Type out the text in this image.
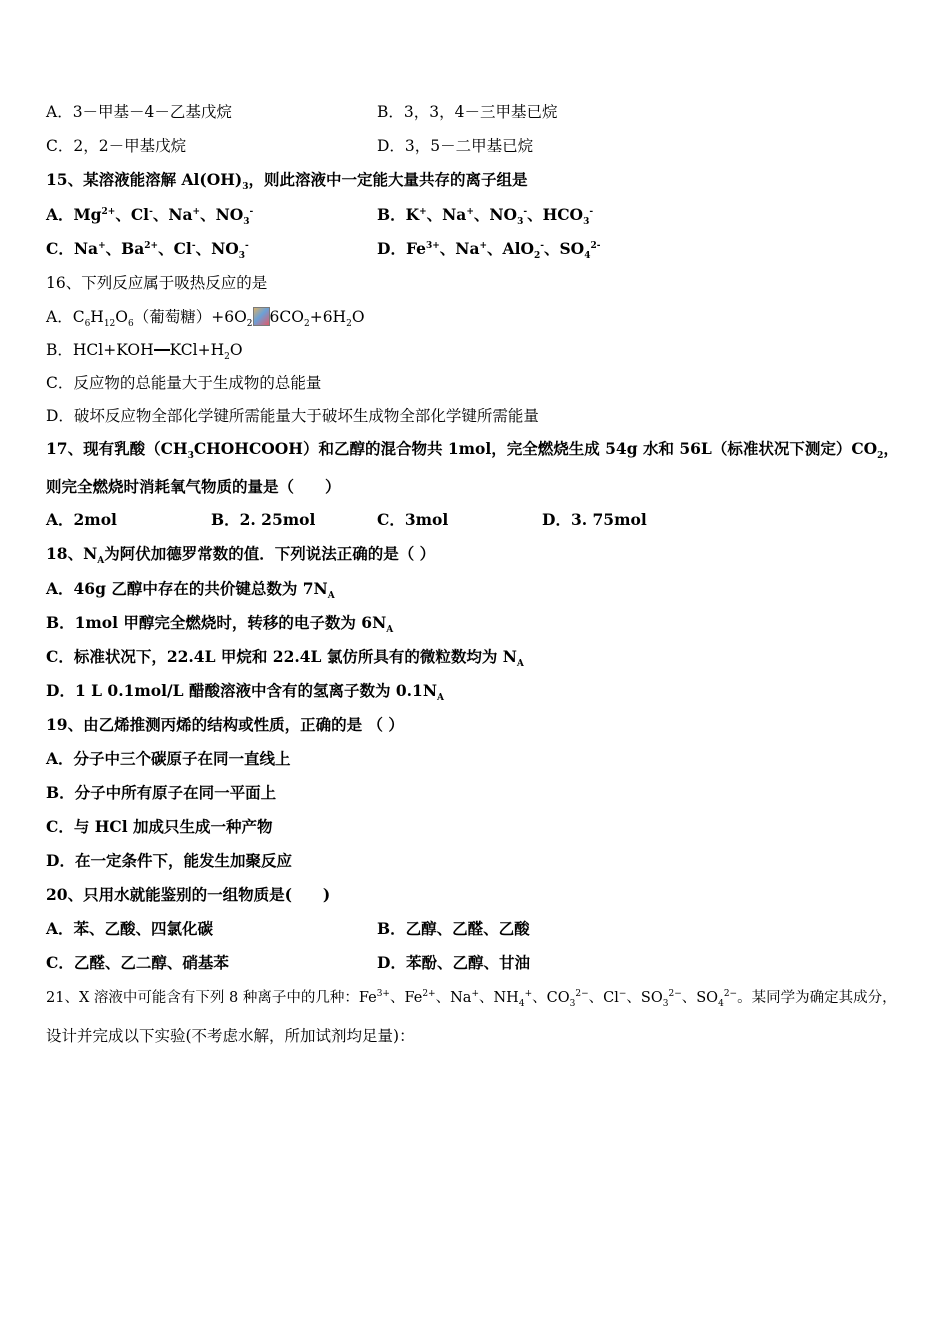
A．3－甲基－4－乙基戊烷	B．3，3，4－三甲基已烷
C．2，2－甲基戊烷	D．3，5－二甲基已烷
15、某溶液能溶解 $Al(OH)_3$，则此溶液中一定能大量共存的离子组是
A．$Mg^{2+}$、Cl-、Na+、$NO_3^-$	B．K+、Na+、$NO_3^-$、$HCO_3^-$
C．Na+、$Ba^{2+}$、Cl-、$NO_3^-$	D．$Fe^{3+}$、Na+、AlO$_2$-、$SO_4^{2-}$
16、下列反应属于吸热反应的是
A．$C_6H_{12}O_6$（葡萄糖）$+6O_2$ $6CO_2+6H_2O$
B．HCl+KOH $KCl+H_2O$
C．反应物的总能量大于生成物的总能量
D．破坏反应物全部化学键所需能量大于破坏生成物全部化学键所需能量
17、现有乳酸$(CH_3CHOHCOOH)$和乙醇的混合物共 1mol，完全燃烧生成 54g 水和 56L（标准状况下测定）$CO_2$，
则完全燃烧时消耗氧气物质的量是（　　）
A．2mol	B．2. 25mol	C．3mol	D．3. 75mol
18、$N_A$为阿伏加德罗常数的值．下列说法正确的是（ ）
A．46g 乙醇中存在的共价键总数为 $7N_A$
B．1mol 甲醇完全燃烧时，转移的电子数为 $6N_A$
C．标准状况下，22.4L 甲烷和 22.4L 氯仿所具有的微粒数均为 $N_A$
D．1 L 0.1mol/L 醋酸溶液中含有的氢离子数为 $0.1N_A$
19、由乙烯推测丙烯的结构或性质，正确的是 （ ）
A．分子中三个碳原子在同一直线上
B．分子中所有原子在同一平面上
C．与 HCl 加成只生成一种产物
D．在一定条件下，能发生加聚反应
20、只用水就能鉴别的一组物质是(　　)
A．苯、乙酸、四氯化碳	B．乙醇、乙醛、乙酸
C．乙醛、乙二醇、硝基苯	D．苯酚、乙醇、甘油
21、X 溶液中可能含有下列 8 种离子中的几种：$Fe^{3+}$、$Fe^{2+}$、Na+、$NH_4^+$、$CO_3^{2-}$、Cl−、$SO_3^{2-}$、$SO_4^{2-}$。某同学为确定其成分，
设计并完成以下实验(不考虑水解，所加试剂均足量)：
